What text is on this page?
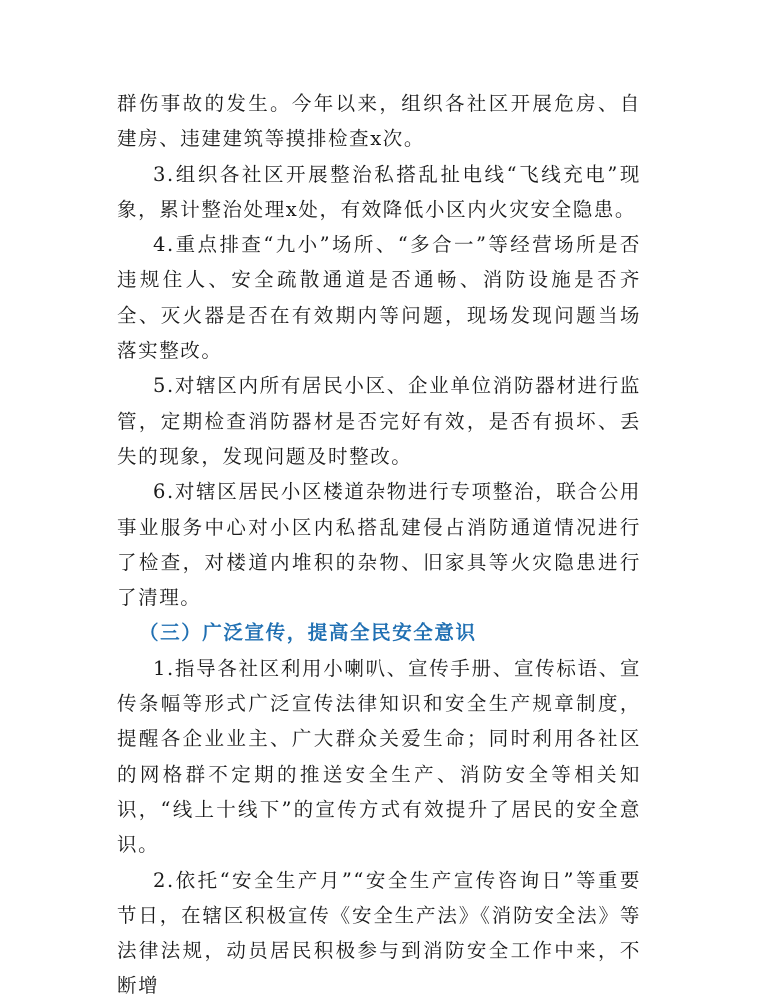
群伤事故的发生。今年以来，组织各社区开展危房、自建房、违建建筑等摸排检查x次。

3.组织各社区开展整治私搭乱扯电线“飞线充电”现象，累计整治处理x处，有效降低小区内火灾安全隐患。

4.重点排查“九小”场所、“多合一”等经营场所是否违规住人、安全疏散通道是否通畅、消防设施是否齐全、灭火器是否在有效期内等问题，现场发现问题当场落实整改。

5.对辖区内所有居民小区、企业单位消防器材进行监管，定期检查消防器材是否完好有效，是否有损坏、丢失的现象，发现问题及时整改。

6.对辖区居民小区楼道杂物进行专项整治，联合公用事业服务中心对小区内私搭乱建侵占消防通道情况进行了检查，对楼道内堆积的杂物、旧家具等火灾隐患进行了清理。

（三）广泛宣传，提高全民安全意识

1.指导各社区利用小喇叭、宣传手册、宣传标语、宣传条幅等形式广泛宣传法律知识和安全生产规章制度，提醒各企业业主、广大群众关爱生命；同时利用各社区的网格群不定期的推送安全生产、消防安全等相关知识，“线上十线下”的宣传方式有效提升了居民的安全意识。

2.依托“安全生产月”“安全生产宣传咨询日”等重要节日，在辖区积极宣传《安全生产法》《消防安全法》等法律法规，动员居民积极参与到消防安全工作中来，不断增
